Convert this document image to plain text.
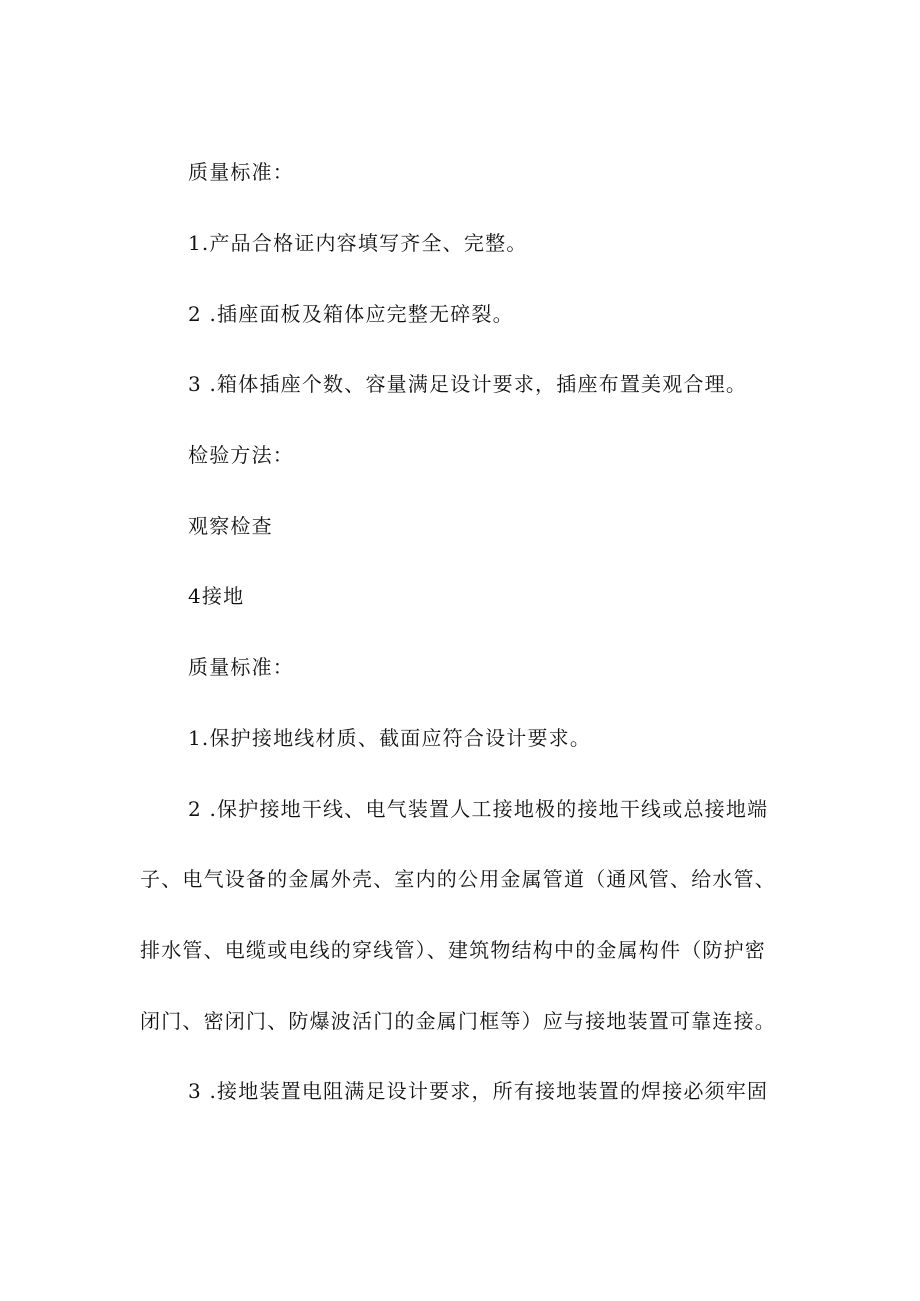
质量标准：
1.产品合格证内容填写齐全、完整。
2 .插座面板及箱体应完整无碎裂。
3 .箱体插座个数、容量满足设计要求，插座布置美观合理。
检验方法：
观察检查
4接地
质量标准：
1.保护接地线材质、截面应符合设计要求。
2 .保护接地干线、电气装置人工接地极的接地干线或总接地端
子、电气设备的金属外壳、室内的公用金属管道（通风管、给水管、
排水管、电缆或电线的穿线管）、建筑物结构中的金属构件（防护密
闭门、密闭门、防爆波活门的金属门框等）应与接地装置可靠连接。
3 .接地装置电阻满足设计要求，所有接地装置的焊接必须牢固
